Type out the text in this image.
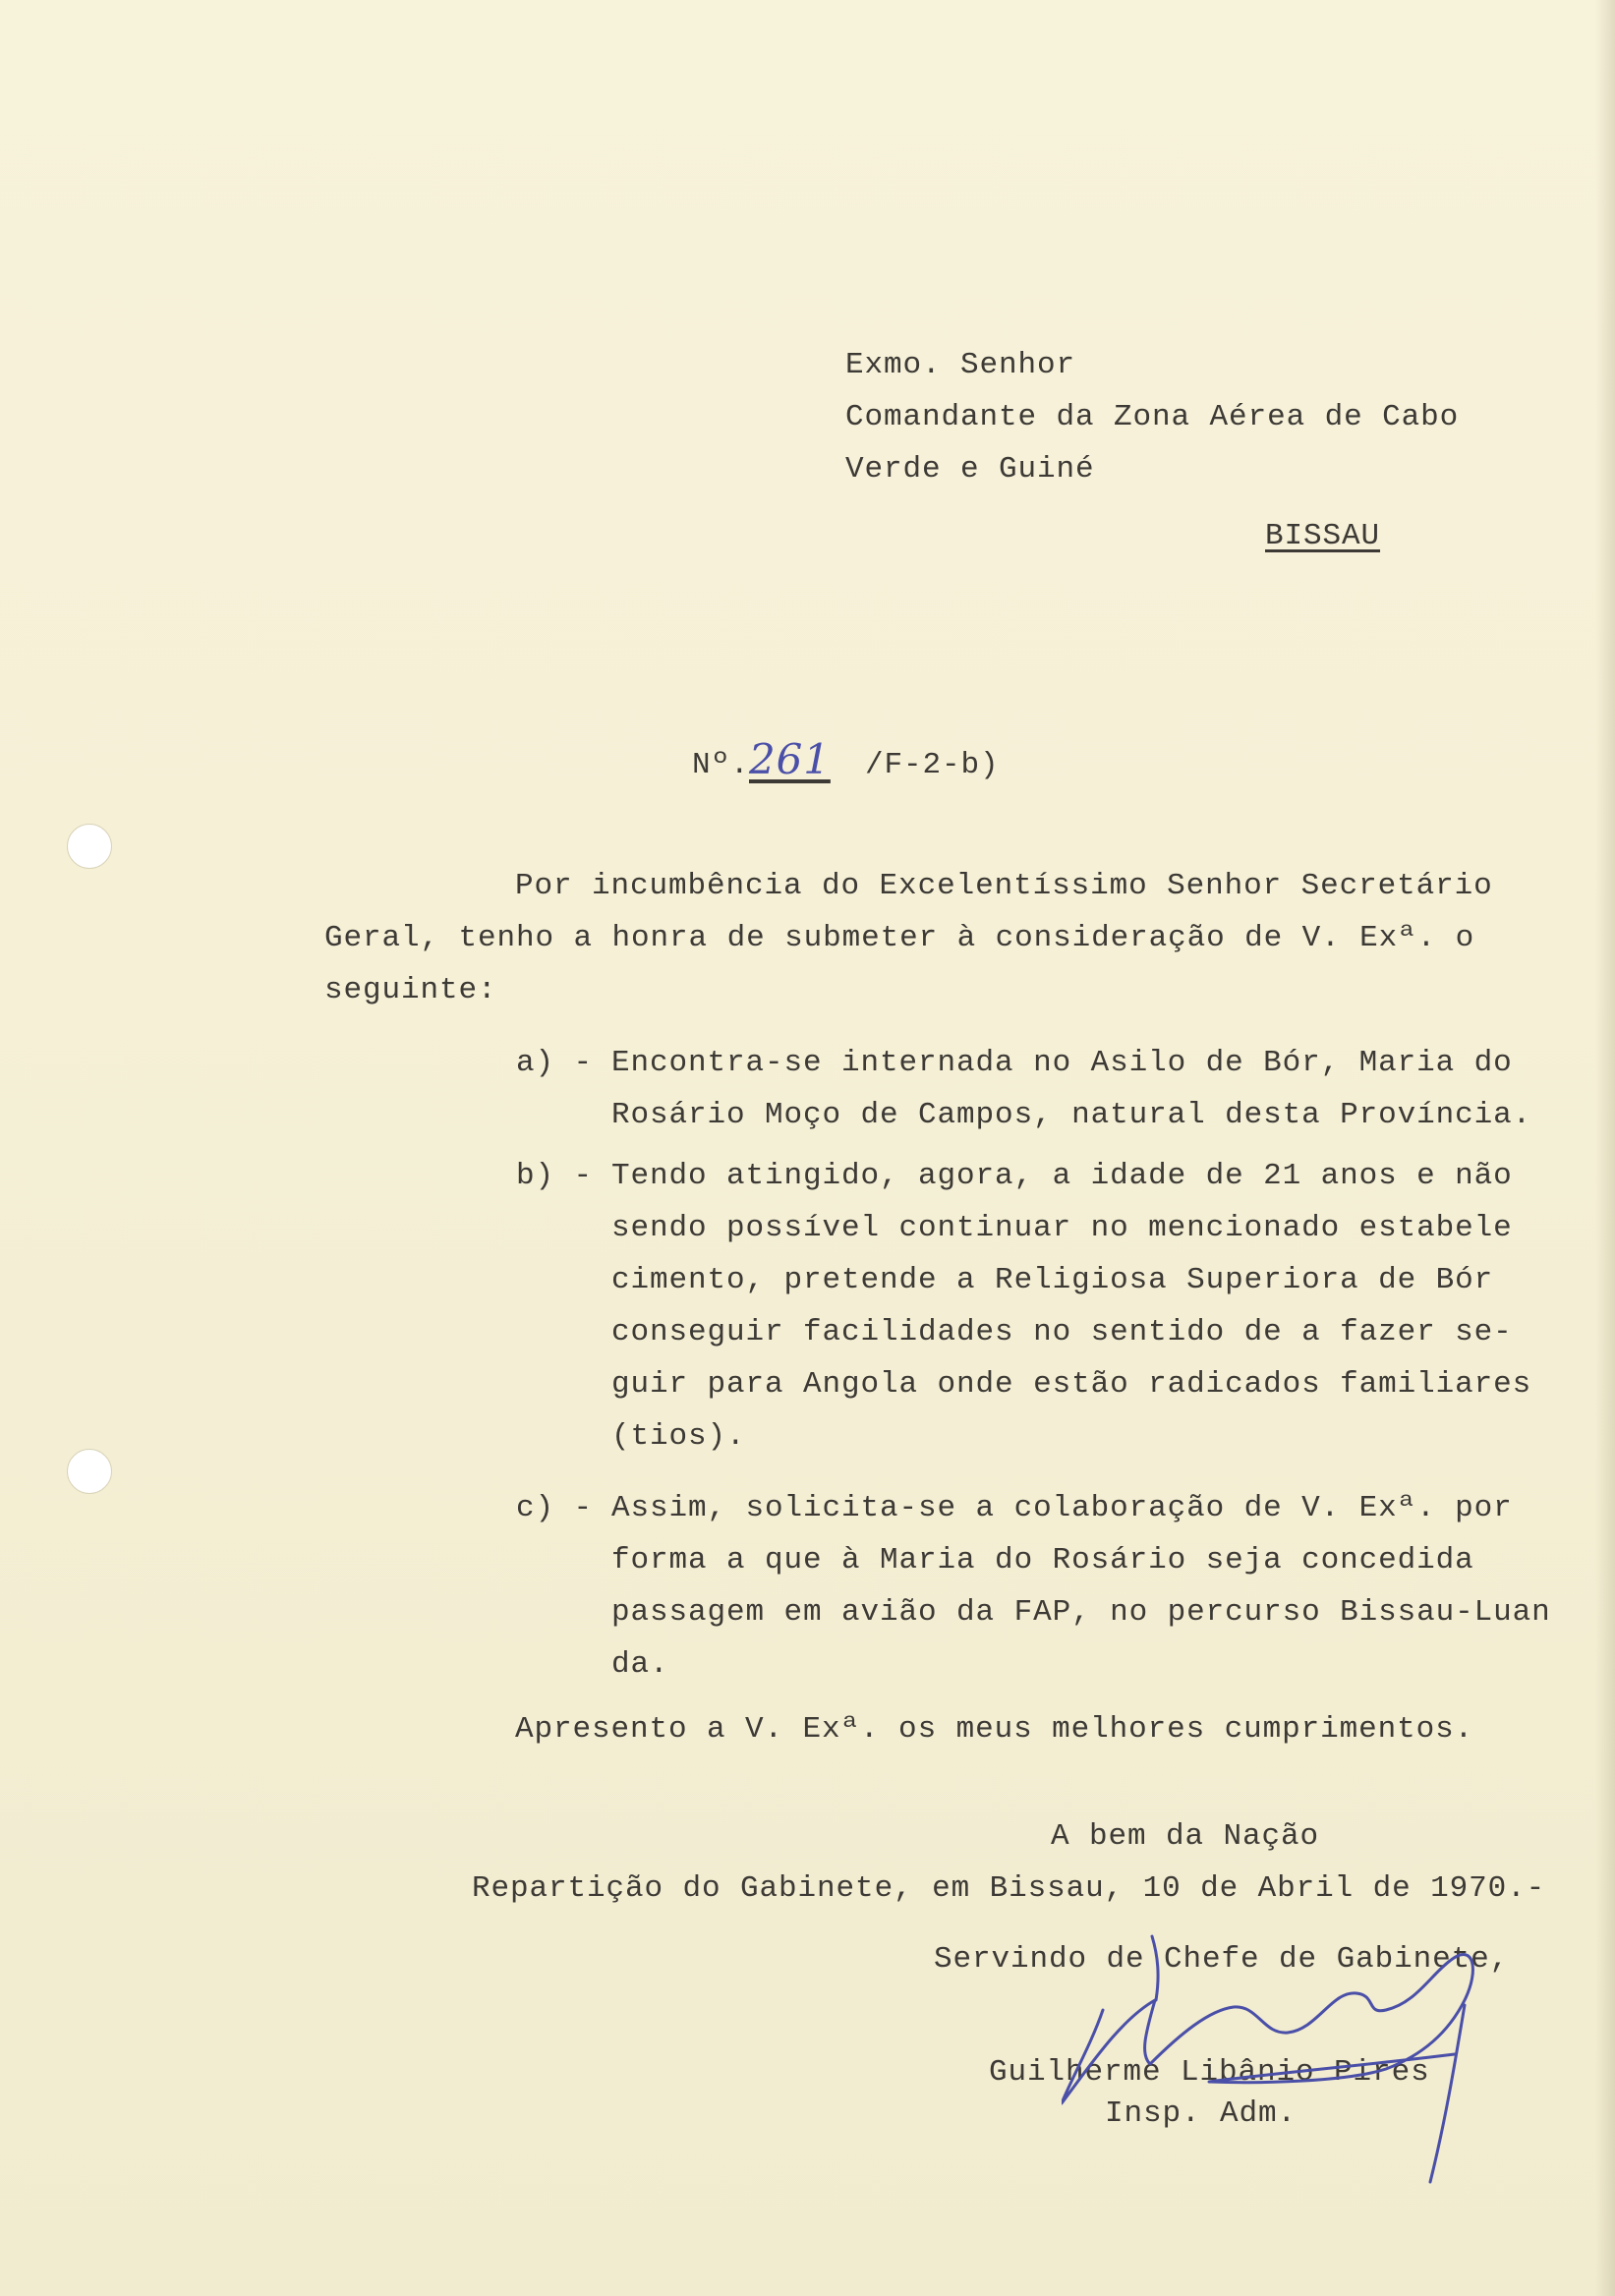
Exmo. Senhor
Comandante da Zona Aérea de Cabo
Verde e Guiné
BISSAU
Nº. 261 /F-2-b)
Por incumbência do Excelentíssimo Senhor Secretário
Geral, tenho a honra de submeter à consideração de V. Exª. o
seguinte:
a) - Encontra-se internada no Asilo de Bór, Maria do
Rosário Moço de Campos, natural desta Província.
b) - Tendo atingido, agora, a idade de 21 anos e não
sendo possível continuar no mencionado estabele
cimento, pretende a Religiosa Superiora de Bór
conseguir facilidades no sentido de a fazer se-
guir para Angola onde estão radicados familiares
(tios).
c) - Assim, solicita-se a colaboração de V. Exª. por
forma a que à Maria do Rosário seja concedida
passagem em avião da FAP, no percurso Bissau-Luan
da.
Apresento a V. Exª. os meus melhores cumprimentos.
A bem da Nação
Repartição do Gabinete, em Bissau, 10 de Abril de 1970.-
Servindo de Chefe de Gabinete,
Guilherme Libânio Pires
Insp. Adm.
